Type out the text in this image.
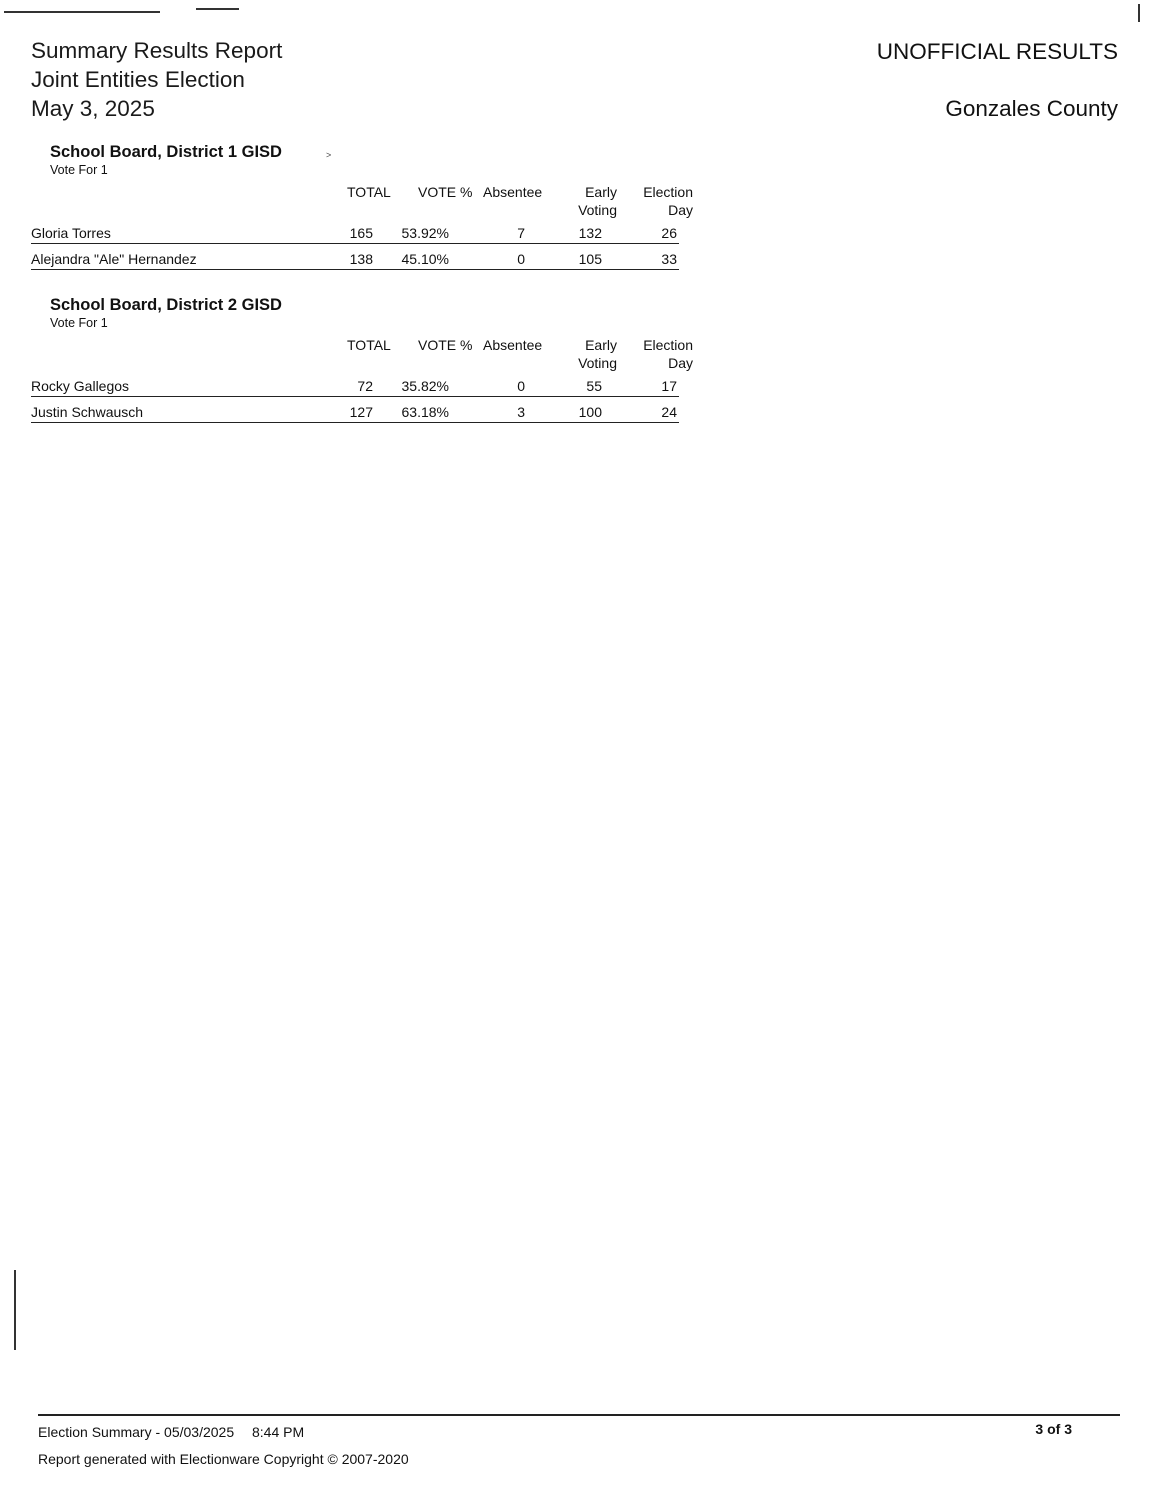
Summary Results Report
Joint Entities Election
May 3, 2025
UNOFFICIAL RESULTS
Gonzales County
˃
School Board, District 1 GISD
Vote For 1
TOTAL VOTE % Absentee	Early
Voting
Election
Day
Gloria Torres	165 53.92%	7	132	26
Alejandra "Ale" Hernandez	138 45.10%	0	105	33
School Board, District 2 GISD
Vote For 1
TOTAL VOTE % Absentee	Early
Voting
Election
Day
Rocky Gallegos	72 35.82%	0	55	17
Justin Schwausch	127 63.18%	3	100	24
Election Summary - 05/03/2025 8:44 PM
Report generated with Electionware Copyright © 2007-2020
3 of 3
